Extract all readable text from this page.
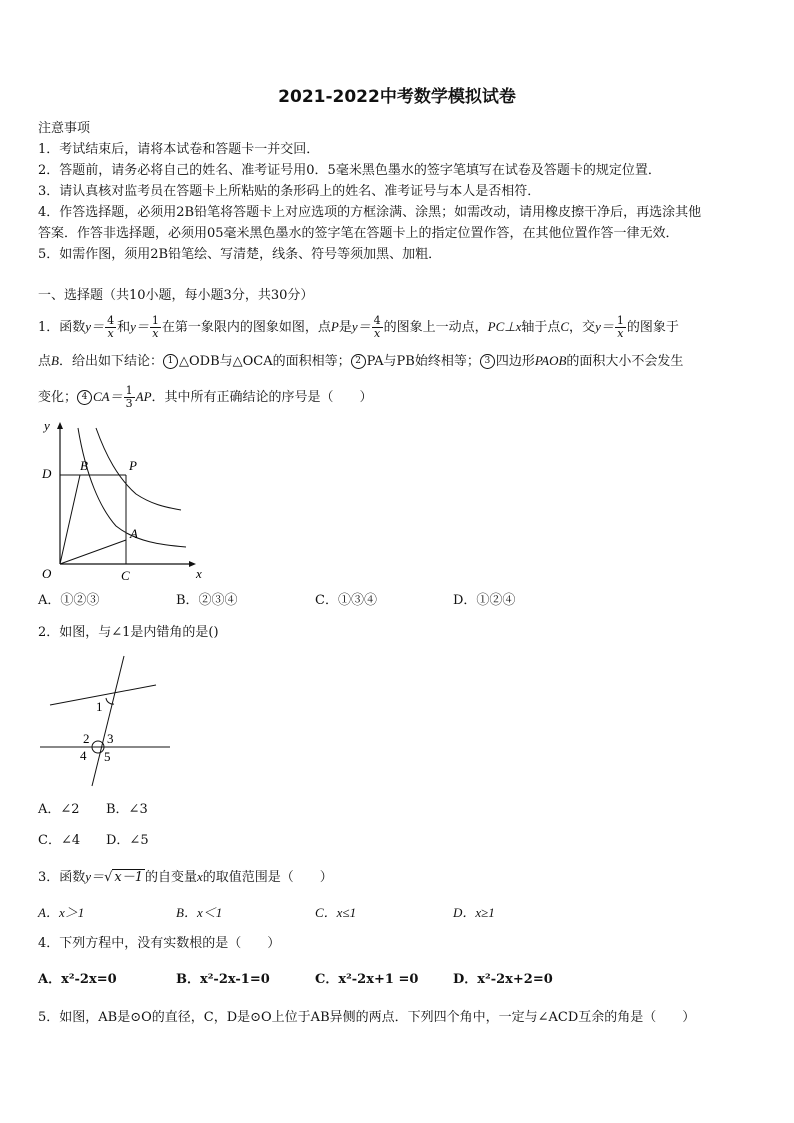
2021-2022中考数学模拟试卷
注意事项
1．考试结束后，请将本试卷和答题卡一并交回．
2．答题前，请务必将自己的姓名、准考证号用0．5毫米黑色墨水的签字笔填写在试卷及答题卡的规定位置．
3．请认真核对监考员在答题卡上所粘贴的条形码上的姓名、准考证号与本人是否相符．
4．作答选择题，必须用2B铅笔将答题卡上对应选项的方框涂满、涂黑；如需改动，请用橡皮擦干净后，再选涂其他
答案．作答非选择题，必须用05毫米黑色墨水的签字笔在答题卡上的指定位置作答，在其他位置作答一律无效．
5．如需作图，须用2B铅笔绘、写清楚，线条、符号等须加黑、加粗．
一、选择题（共10小题，每小题3分，共30分）
1．函数$y= \frac{4}{x}$ 和$y= \frac{1}{x}$ 在第一象限内的图象如图，点P是$y= \frac{4}{x}$ 的图象上一动点，PC⊥x轴于点C，交$y= \frac{1}{x}$ 的图象于
点B．给出如下结论： 1 △ODB与△OCA的面积相等； 2 PA与PB始终相等； 3 四边形PAOB的面积大小不会发生
变化； 4 $CA= \frac{1}{3}$ AP．其中所有正确结论的序号是（　　）
y
x
D
B	P
A
O	C
A．①②③	B．②③④	C．①③④	D．①②④
2．如图，与∠1是内错角的是()
1
2 3
4 5
A．∠2 B．∠3
C．∠4 D．∠5
3．函数y＝√ x－1 的自变量x的取值范围是（　　）
A．x＞1	B．x＜1	C．x≤1	D．x≥1
4．下列方程中，没有实数根的是（　　）
A．x²-2x=0	B．x²-2x-1=0	C．x²-2x+1 =0	D．x²-2x+2=0
5．如图，AB是⊙O的直径，C，D是⊙O上位于AB异侧的两点．下列四个角中，一定与∠ACD互余的角是（　　）
